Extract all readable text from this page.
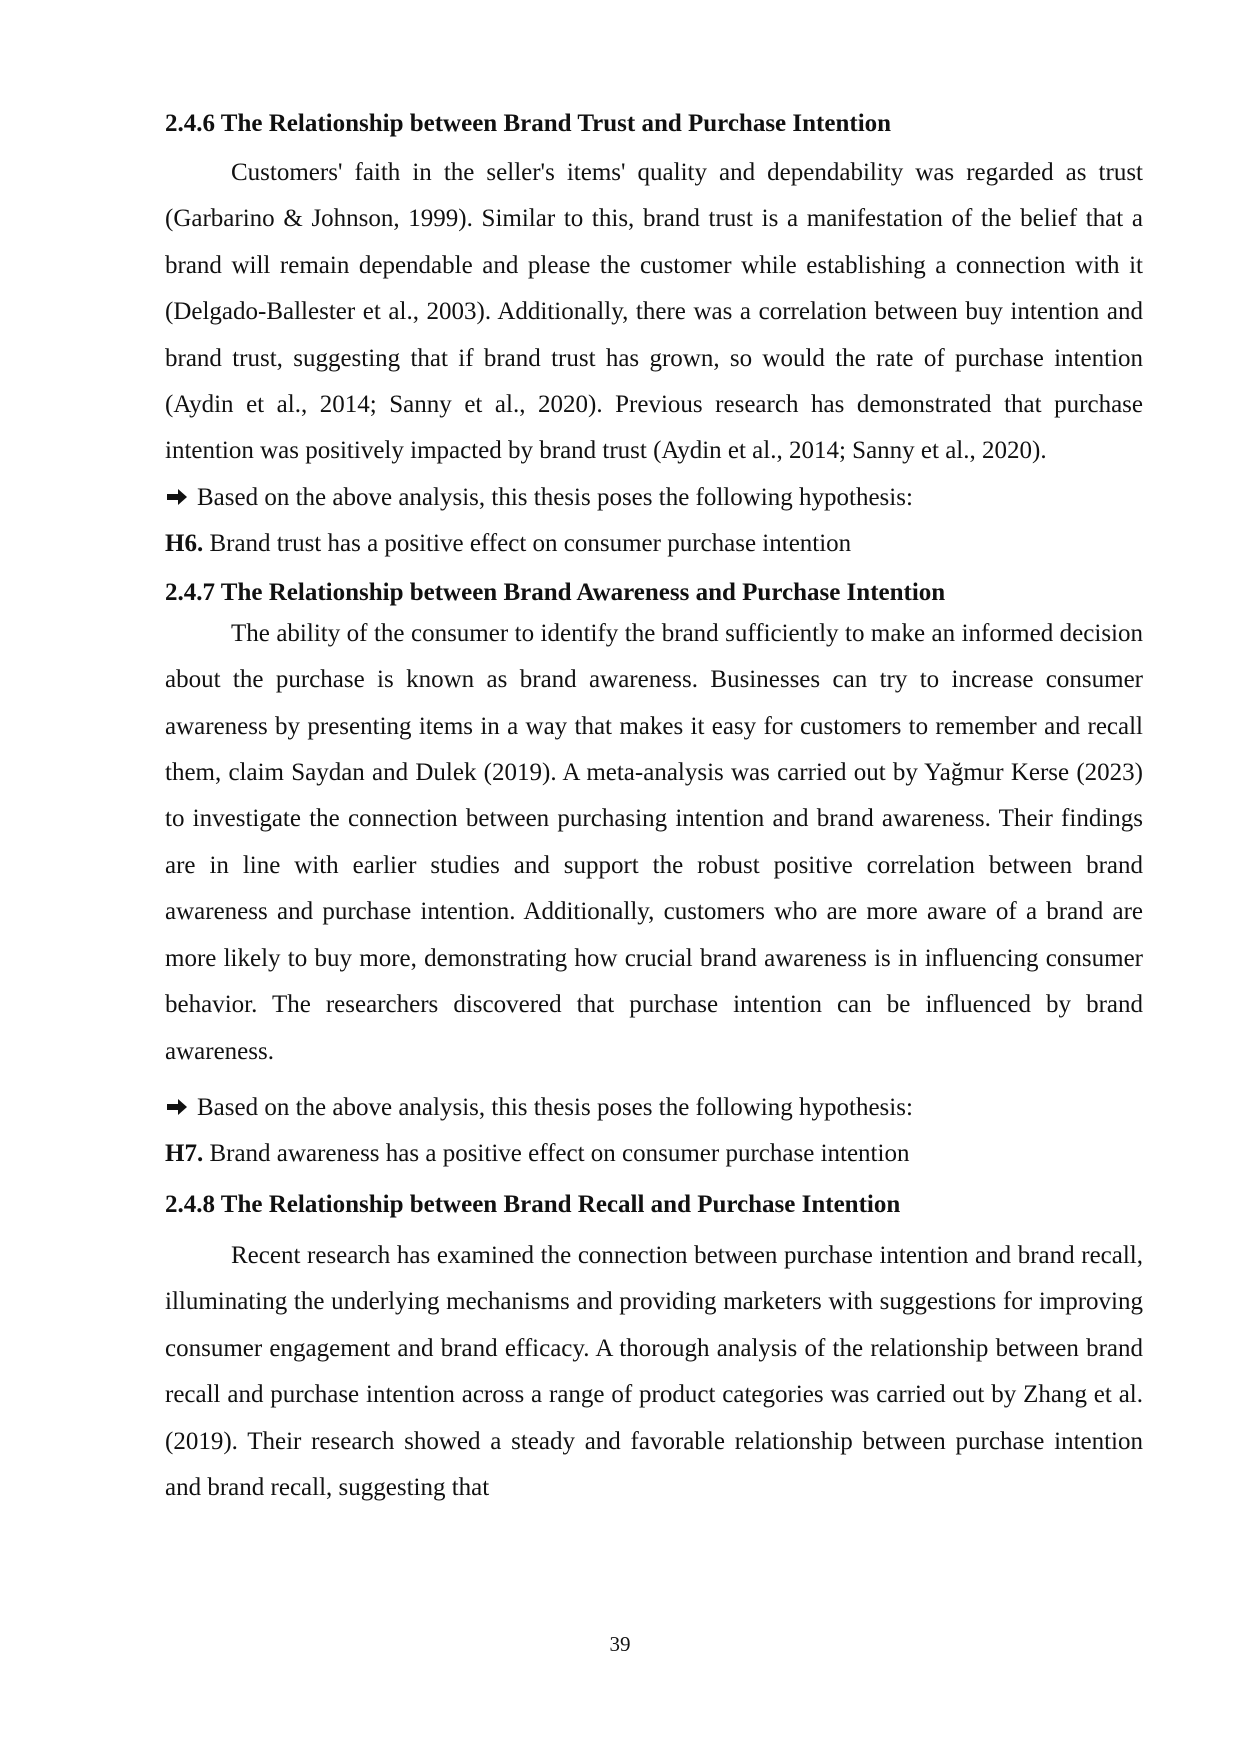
2.4.6 The Relationship between Brand Trust and Purchase Intention

Customers' faith in the seller's items' quality and dependability was regarded as trust (Garbarino & Johnson, 1999). Similar to this, brand trust is a manifestation of the belief that a brand will remain dependable and please the customer while establishing a connection with it (Delgado-Ballester et al., 2003). Additionally, there was a correlation between buy intention and brand trust, suggesting that if brand trust has grown, so would the rate of purchase intention (Aydin et al., 2014; Sanny et al., 2020). Previous research has demonstrated that purchase intention was positively impacted by brand trust (Aydin et al., 2014; Sanny et al., 2020).

Based on the above analysis, this thesis poses the following hypothesis:

H6. Brand trust has a positive effect on consumer purchase intention

2.4.7 The Relationship between Brand Awareness and Purchase Intention

The ability of the consumer to identify the brand sufficiently to make an informed decision about the purchase is known as brand awareness. Businesses can try to increase consumer awareness by presenting items in a way that makes it easy for customers to remember and recall them, claim Saydan and Dulek (2019). A meta-analysis was carried out by Yağmur Kerse (2023) to investigate the connection between purchasing intention and brand awareness. Their findings are in line with earlier studies and support the robust positive correlation between brand awareness and purchase intention. Additionally, customers who are more aware of a brand are more likely to buy more, demonstrating how crucial brand awareness is in influencing consumer behavior. The researchers discovered that purchase intention can be influenced by brand awareness.

Based on the above analysis, this thesis poses the following hypothesis:

H7. Brand awareness has a positive effect on consumer purchase intention

2.4.8 The Relationship between Brand Recall and Purchase Intention

Recent research has examined the connection between purchase intention and brand recall, illuminating the underlying mechanisms and providing marketers with suggestions for improving consumer engagement and brand efficacy. A thorough analysis of the relationship between brand recall and purchase intention across a range of product categories was carried out by Zhang et al. (2019). Their research showed a steady and favorable relationship between purchase intention and brand recall, suggesting that

39
